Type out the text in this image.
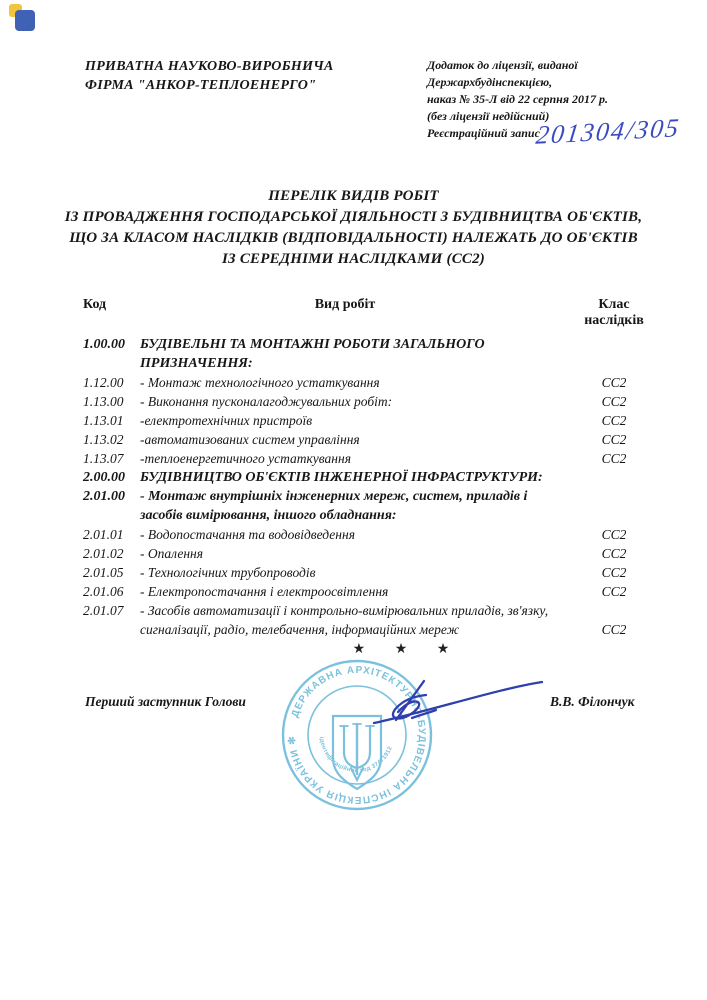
ПРИВАТНА НАУКОВО-ВИРОБНИЧА
ФІРМА "АНКОР-ТЕПЛОЕНЕРГО"
Додаток до ліцензії, виданої
Держархбудінспекцією,
наказ № 35-Л від 22 серпня 2017 р.
(без ліцензії недійсний)
Реєстраційний запис
201304/305
ПЕРЕЛІК ВИДІВ РОБІТ
ІЗ ПРОВАДЖЕННЯ ГОСПОДАРСЬКОЇ ДІЯЛЬНОСТІ З БУДІВНИЦТВА ОБ'ЄКТІВ,
ЩО ЗА КЛАСОМ НАСЛІДКІВ (ВІДПОВІДАЛЬНОСТІ) НАЛЕЖАТЬ ДО ОБ'ЄКТІВ
ІЗ СЕРЕДНІМИ НАСЛІДКАМИ (СС2)
Код	Вид робіт	Клас
наслідків
1.00.00	БУДІВЕЛЬНІ ТА МОНТАЖНІ РОБОТИ ЗАГАЛЬНОГО ПРИЗНАЧЕННЯ:
1.12.00	- Монтаж технологічного устаткування	СС2
1.13.00	- Виконання пусконалагоджувальних робіт:	СС2
1.13.01	-електротехнічних пристроїв	СС2
1.13.02	-автоматизованих систем управління	СС2
1.13.07	-теплоенергетичного устаткування	СС2
2.00.00	БУДІВНИЦТВО ОБ'ЄКТІВ ІНЖЕНЕРНОЇ ІНФРАСТРУКТУРИ:
2.01.00	- Монтаж внутрішніх інженерних мереж, систем, приладів і засобів вимірювання, іншого обладнання:
2.01.01	- Водопостачання та водовідведення	СС2
2.01.02	- Опалення	СС2
2.01.05	- Технологічних трубопроводів	СС2
2.01.06	- Електропостачання і електроосвітлення	СС2
2.01.07	- Засобів автоматизації і контрольно-вимірювальних приладів, зв'язку, сигналізації, радіо, телебачення, інформаційних мереж	СС2
★ ★ ★
Перший заступник Голови	В.В. Філончук
ДЕРЖАВНА АРХІТЕКТУРНО-БУДІВЕЛЬНА ІНСПЕКЦІЯ УКРАЇНИ ✻	ідентифікаційний код 37471912
